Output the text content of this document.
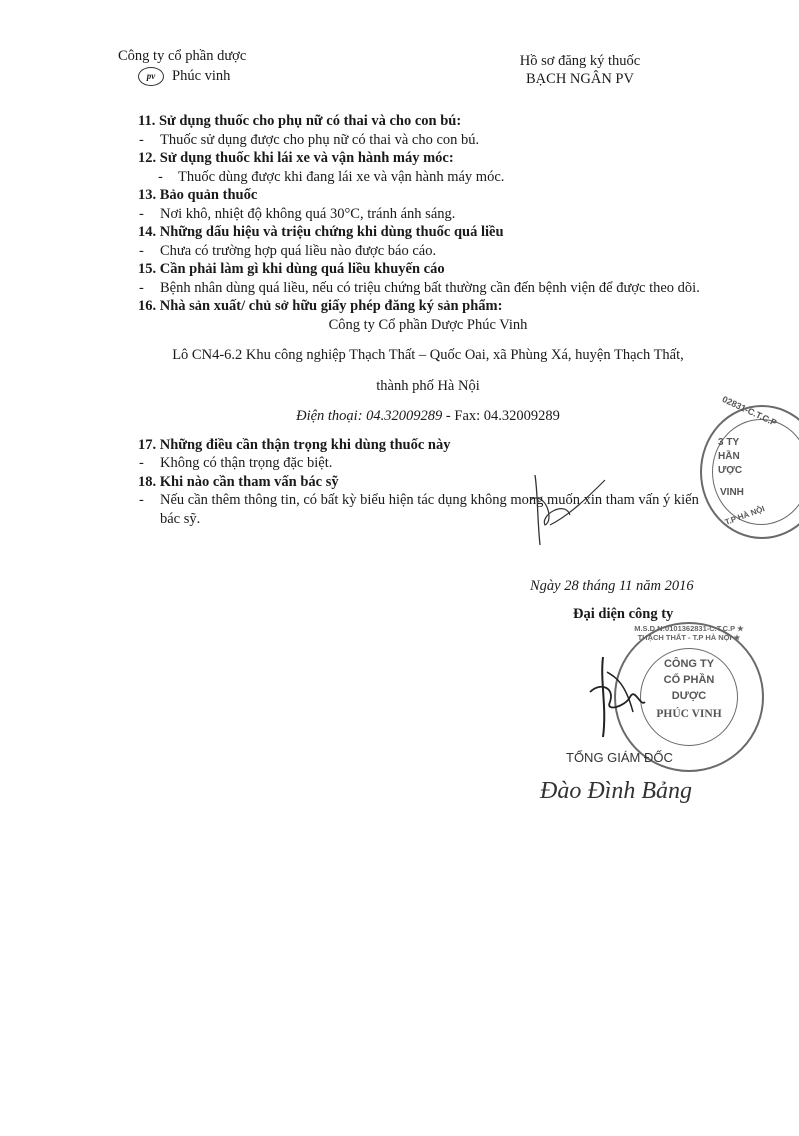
Công ty cổ phần dược
pv	Phúc vinh
Hồ sơ đăng ký thuốc
BẠCH NGÂN PV
11. Sử dụng thuốc cho phụ nữ có thai và cho con bú:
- Thuốc sử dụng được cho phụ nữ có thai và cho con bú.
12. Sử dụng thuốc khi lái xe và vận hành máy móc:
- Thuốc dùng được khi đang lái xe và vận hành máy móc.
13. Bảo quản thuốc
- Nơi khô, nhiệt độ không quá 30°C, tránh ánh sáng.
14. Những dấu hiệu và triệu chứng khi dùng thuốc quá liều
- Chưa có trường hợp quá liều nào được báo cáo.
15. Cần phải làm gì khi dùng quá liều khuyến cáo
- Bệnh nhân dùng quá liều, nếu có triệu chứng bất thường cần đến bệnh viện để được theo dõi.
16. Nhà sản xuất/ chủ sở hữu giấy phép đăng ký sản phẩm:
Công ty Cổ phần Dược Phúc Vinh
Lô CN4-6.2 Khu công nghiệp Thạch Thất – Quốc Oai, xã Phùng Xá, huyện Thạch Thất,
thành phố Hà Nội
Điện thoại: 04.32009289 - Fax: 04.32009289
17. Những điều cần thận trọng khi dùng thuốc này
- Không có thận trọng đặc biệt.
18. Khi nào cần tham vấn bác sỹ
- Nếu cần thêm thông tin, có bất kỳ biểu hiện tác dụng không mong muốn xin tham vấn ý kiến bác sỹ.
02831-C.T.C.P
3 TY
HẦN
ƯỢC
VINH
T.P HÀ NỘI
Ngày 28 tháng 11 năm 2016
Đại diện công ty
M.S.D.N:0101362831-C.T.C.P ★ THẠCH THẤT - T.P HÀ NỘI ★
CÔNG TY
CỔ PHẦN
DƯỢC
PHÚC VINH
TỔNG GIÁM ĐỐC
Đào Đình Bảng
